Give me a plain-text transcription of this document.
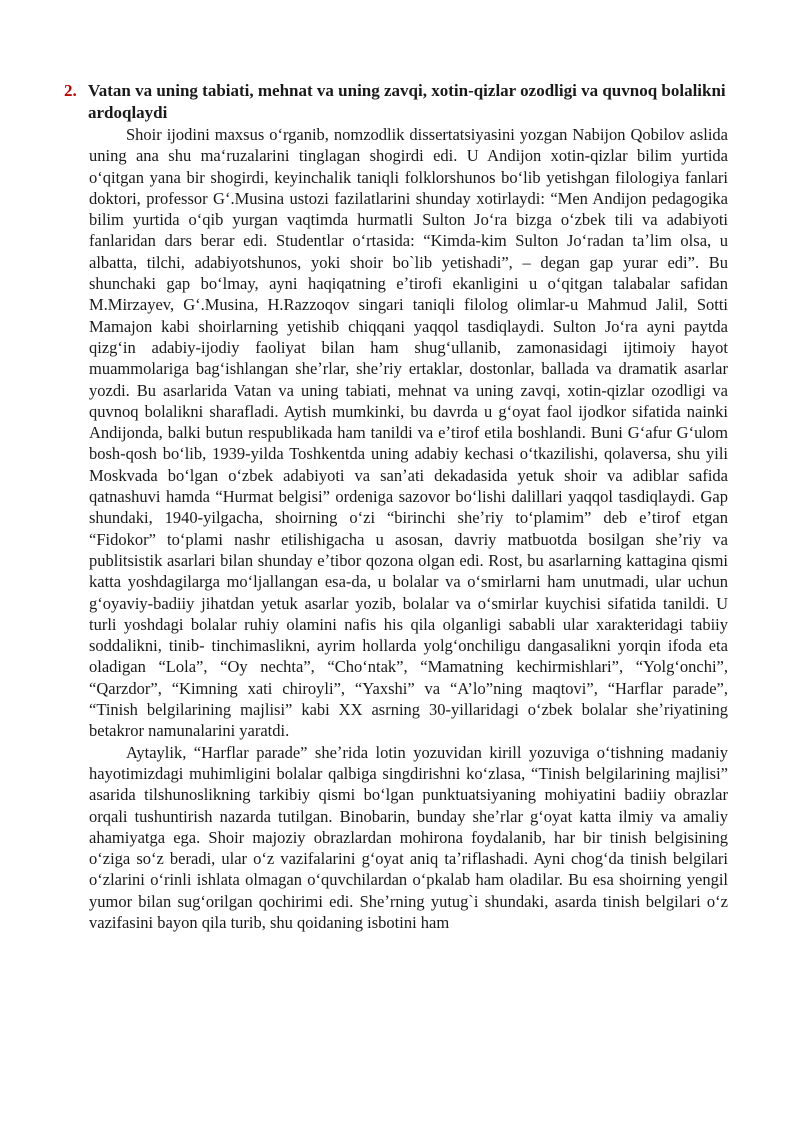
2. Vatan va uning tabiati, mehnat va uning zavqi, xotin-qizlar ozodligi va quvnoq bolalikni ardoqlaydi

Shoir ijodini maxsus oʻrganib, nomzodlik dissertatsiyasini yozgan Nabijon Qobilov aslida uning ana shu maʻruzalarini tinglagan shogirdi edi. U Andijon xotin-qizlar bilim yurtida oʻqitgan yana bir shogirdi, keyinchalik taniqli folklorshunos boʻlib yetishgan filologiya fanlari doktori, professor Gʻ.Musina ustozi fazilatlarini shunday xotirlaydi: “Men Andijon pedagogika bilim yurtida oʻqib yurgan vaqtimda hurmatli Sulton Joʻra bizga oʻzbek tili va adabiyoti fanlaridan dars berar edi. Studentlar oʻrtasida: “Kimda-kim Sulton Joʻradan taʼlim olsa, u albatta, tilchi, adabiyotshunos, yoki shoir bo`lib yetishadi”, – degan gap yurar edi”. Bu shunchaki gap boʻlmay, ayni haqiqatning eʼtirofi ekanligini u oʻqitgan talabalar safidan M.Mirzayev, Gʻ.Musina, H.Razzoqov singari taniqli filolog olimlar-u Mahmud Jalil, Sotti Mamajon kabi shoirlarning yetishib chiqqani yaqqol tasdiqlaydi. Sulton Joʻra ayni paytda qizgʻin adabiy-ijodiy faoliyat bilan ham shugʻullanib, zamonasidagi ijtimoiy hayot muammolariga bagʻishlangan sheʼrlar, sheʼriy ertaklar, dostonlar, ballada va dramatik asarlar yozdi. Bu asarlarida Vatan va uning tabiati, mehnat va uning zavqi, xotin-qizlar ozodligi va quvnoq bolalikni sharafladi. Aytish mumkinki, bu davrda u gʻoyat faol ijodkor sifatida nainki Andijonda, balki butun respublikada ham tanildi va eʼtirof etila boshlandi. Buni Gʻafur Gʻulom bosh-qosh boʻlib, 1939-yilda Toshkentda uning adabiy kechasi oʻtkazilishi, qolaversa, shu yili Moskvada boʻlgan oʻzbek adabiyoti va sanʼati dekadasida yetuk shoir va adiblar safida qatnashuvi hamda “Hurmat belgisi” ordeniga sazovor boʻlishi dalillari yaqqol tasdiqlaydi. Gap shundaki, 1940-yilgacha, shoirning oʻzi “birinchi sheʼriy toʻplamim” deb eʼtirof etgan “Fidokor” toʻplami nashr etilishigacha u asosan, davriy matbuotda bosilgan sheʼriy va publitsistik asarlari bilan shunday eʼtibor qozona olgan edi. Rost, bu asarlarning kattagina qismi katta yoshdagilarga moʻljallangan esa-da, u bolalar va oʻsmirlarni ham unutmadi, ular uchun gʻoyaviy-badiiy jihatdan yetuk asarlar yozib, bolalar va oʻsmirlar kuychisi sifatida tanildi. U turli yoshdagi bolalar ruhiy olamini nafis his qila olganligi sababli ular xarakteridagi tabiiy soddalikni, tinib- tinchimaslikni, ayrim hollarda yolgʻonchiligu dangasalikni yorqin ifoda eta oladigan “Lola”, “Oy nechta”, “Choʻntak”, “Mamatning kechirmishlari”, “Yolgʻonchi”, “Qarzdor”, “Kimning xati chiroyli”, “Yaxshi” va “A’lo”ning maqtovi”, “Harflar parade”, “Tinish belgilarining majlisi” kabi XX asrning 30-yillaridagi oʻzbek bolalar sheʼriyatining betakror namunalarini yaratdi.

Aytaylik, “Harflar parade” sheʼrida lotin yozuvidan kirill yozuviga oʻtishning madaniy hayotimizdagi muhimligini bolalar qalbiga singdirishni koʻzlasa, “Tinish belgilarining majlisi” asarida tilshunoslikning tarkibiy qismi boʻlgan punktuatsiyaning mohiyatini badiiy obrazlar orqali tushuntirish nazarda tutilgan. Binobarin, bunday sheʼrlar gʻoyat katta ilmiy va amaliy ahamiyatga ega. Shoir majoziy obrazlardan mohirona foydalanib, har bir tinish belgisining oʻziga soʻz beradi, ular oʻz vazifalarini gʻoyat aniq taʼriflashadi. Ayni chogʻda tinish belgilari oʻzlarini oʻrinli ishlata olmagan oʻquvchilardan oʻpkalab ham oladilar. Bu esa shoirning yengil yumor bilan sugʻorilgan qochirimi edi. Sheʼrning yutug`i shundaki, asarda tinish belgilari oʻz vazifasini bayon qila turib, shu qoidaning isbotini ham
